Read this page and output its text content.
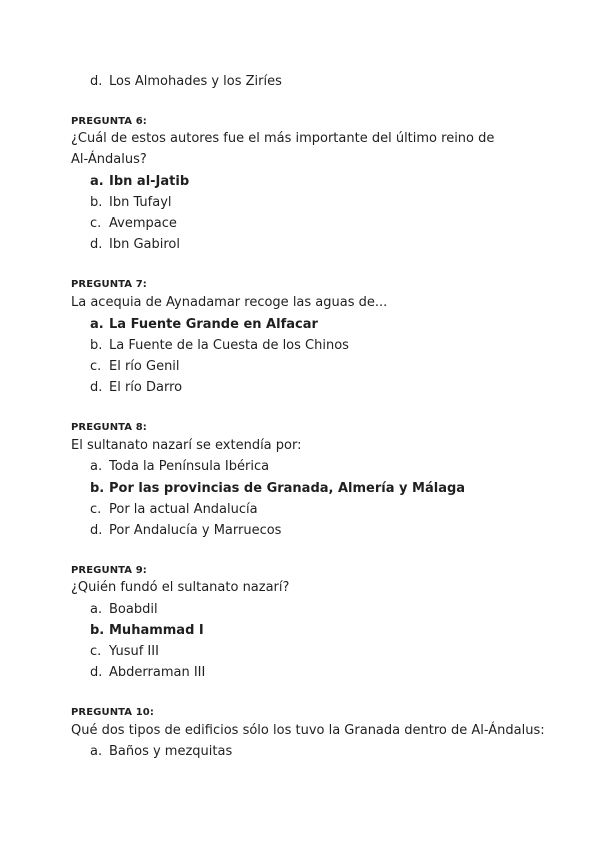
d. Los Almohades y los Ziríes
PREGUNTA 6:
¿Cuál de estos autores fue el más importante del último reino de
Al-Ándalus?
a. Ibn al-Jatib
b. Ibn Tufayl
c. Avempace
d. Ibn Gabirol
PREGUNTA 7:
La acequia de Aynadamar recoge las aguas de...
a. La Fuente Grande en Alfacar
b. La Fuente de la Cuesta de los Chinos
c. El río Genil
d. El río Darro
PREGUNTA 8:
El sultanato nazarí se extendía por:
a. Toda la Península Ibérica
b. Por las provincias de Granada, Almería y Málaga
c. Por la actual Andalucía
d. Por Andalucía y Marruecos
PREGUNTA 9:
¿Quién fundó el sultanato nazarí?
a. Boabdil
b. Muhammad I
c. Yusuf III
d. Abderraman III
PREGUNTA 10:
Qué dos tipos de edificios sólo los tuvo la Granada dentro de Al-Ándalus:
a. Baños y mezquitas
